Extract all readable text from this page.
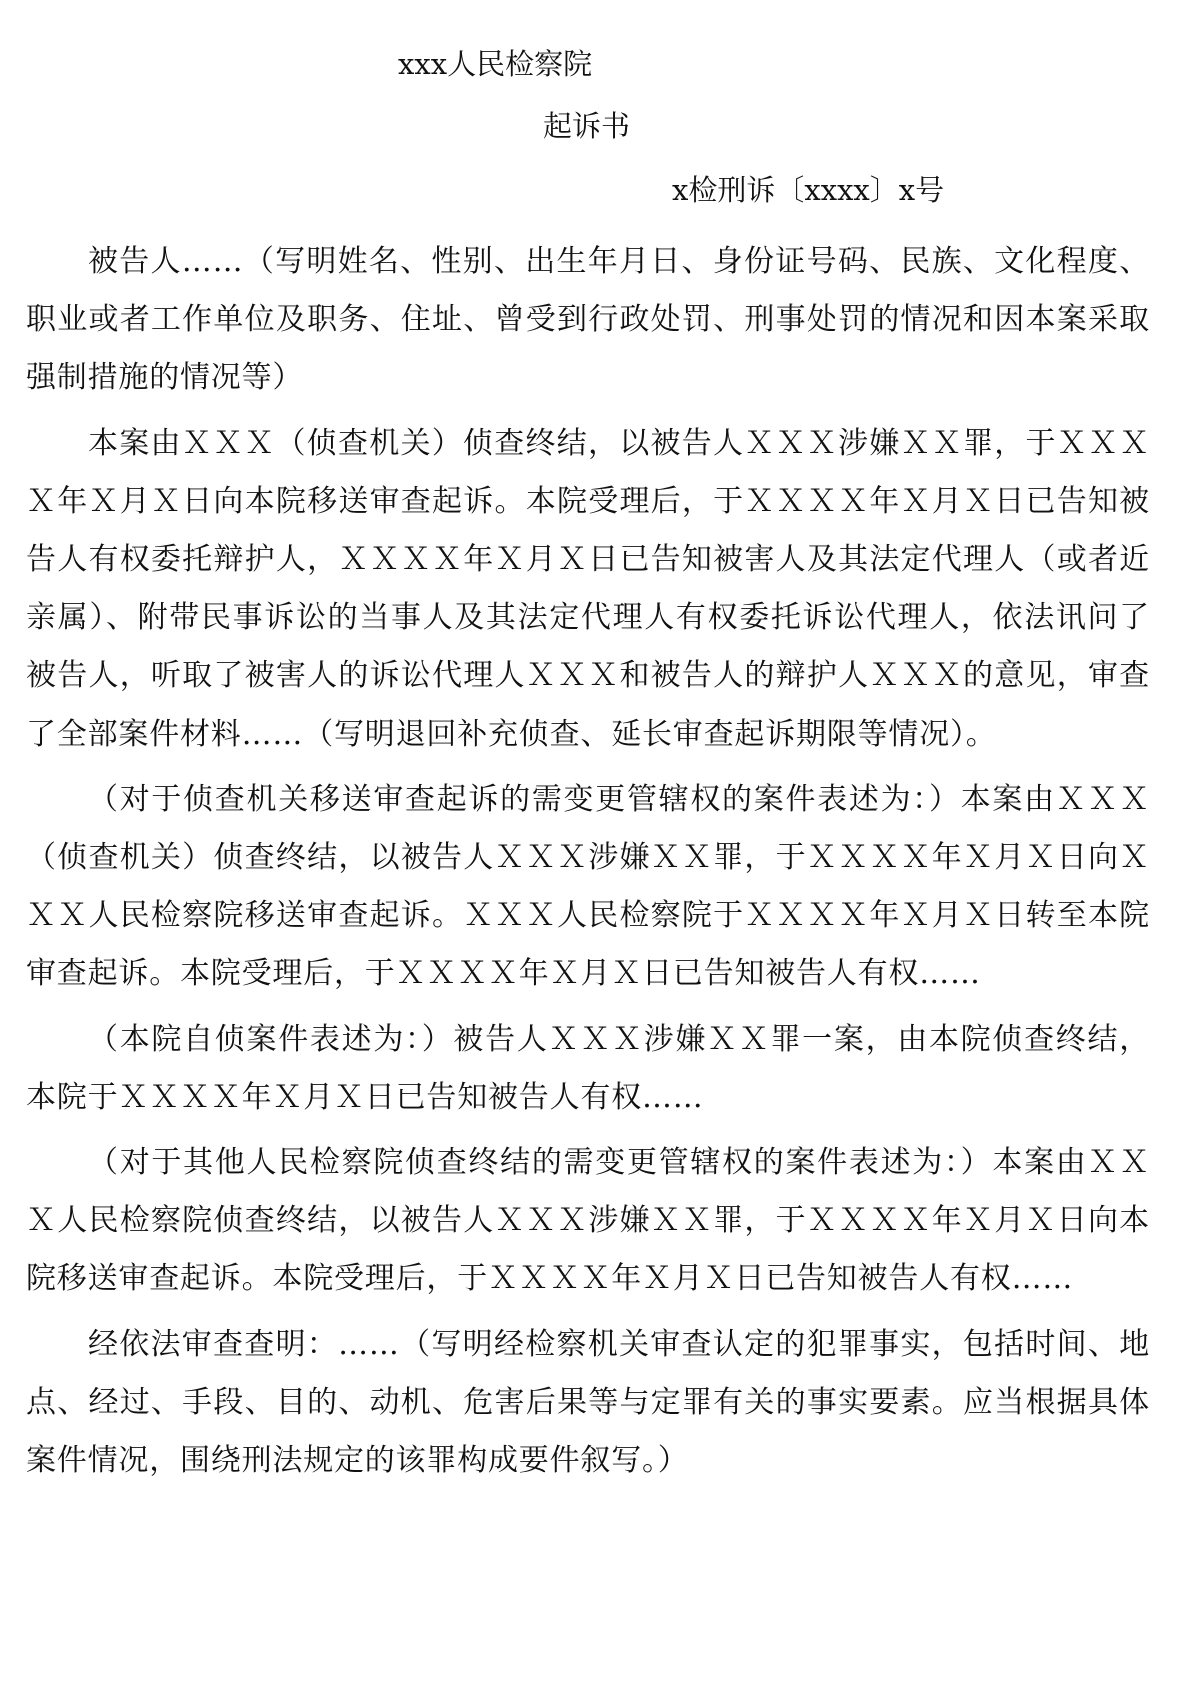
xxx人民检察院
起诉书
x检刑诉〔xxxx〕x号

被告人……（写明姓名、性别、出生年月日、身份证号码、民族、文化程度、职业或者工作单位及职务、住址、曾受到行政处罚、刑事处罚的情况和因本案采取强制措施的情况等）

本案由ＸＸＸ（侦查机关）侦查终结，以被告人ＸＸＸ涉嫌ＸＸ罪，于ＸＸＸＸ年Ｘ月Ｘ日向本院移送审查起诉。本院受理后，于ＸＸＸＸ年Ｘ月Ｘ日已告知被告人有权委托辩护人，ＸＸＸＸ年Ｘ月Ｘ日已告知被害人及其法定代理人（或者近亲属）、附带民事诉讼的当事人及其法定代理人有权委托诉讼代理人，依法讯问了被告人，听取了被害人的诉讼代理人ＸＸＸ和被告人的辩护人ＸＸＸ的意见，审查了全部案件材料……（写明退回补充侦查、延长审查起诉期限等情况）。

（对于侦查机关移送审查起诉的需变更管辖权的案件表述为：）本案由ＸＸＸ（侦查机关）侦查终结，以被告人ＸＸＸ涉嫌ＸＸ罪，于ＸＸＸＸ年Ｘ月Ｘ日向ＸＸＸ人民检察院移送审查起诉。ＸＸＸ人民检察院于ＸＸＸＸ年Ｘ月Ｘ日转至本院审查起诉。本院受理后，于ＸＸＸＸ年Ｘ月Ｘ日已告知被告人有权……

（本院自侦案件表述为：）被告人ＸＸＸ涉嫌ＸＸ罪一案，由本院侦查终结，本院于ＸＸＸＸ年Ｘ月Ｘ日已告知被告人有权……

（对于其他人民检察院侦查终结的需变更管辖权的案件表述为：）本案由ＸＸＸ人民检察院侦查终结，以被告人ＸＸＸ涉嫌ＸＸ罪，于ＸＸＸＸ年Ｘ月Ｘ日向本院移送审查起诉。本院受理后，于ＸＸＸＸ年Ｘ月Ｘ日已告知被告人有权……

经依法审查查明：……（写明经检察机关审查认定的犯罪事实，包括时间、地点、经过、手段、目的、动机、危害后果等与定罪有关的事实要素。应当根据具体案件情况，围绕刑法规定的该罪构成要件叙写。）
